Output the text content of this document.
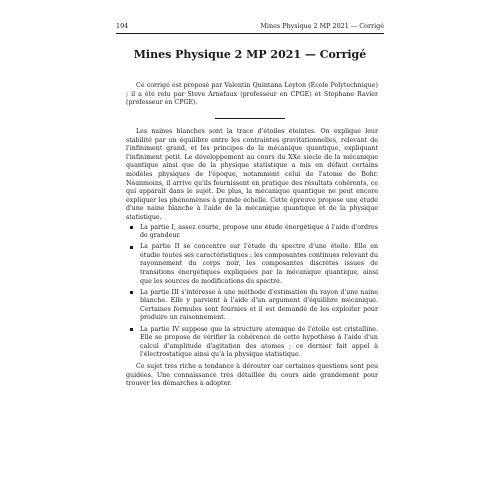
194	Mines Physique 2 MP 2021 — Corrigé
Mines Physique 2 MP 2021 — Corrigé

Ce corrigé est proposé par Valentin Quintana Leyton (École Polytechnique) ; il a été relu par Steve Arnefaux (professeur en CPGE) et Stéphane Ravier (professeur en CPGE).

Les naines blanches sont la trace d'étoiles éteintes. On explique leur stabilité par un équilibre entre les contraintes gravitationnelles, relevant de l'infiniment grand, et les principes de la mécanique quantique, expliquant l'infiniment petit. Le développement au cours du XXe siècle de la mécanique quantique ainsi que de la physique statistique a mis en défaut certains modèles physiques de l'époque, notamment celui de l'atome de Bohr. Néanmoins, il arrive qu'ils fournissent en pratique des résultats cohérents, ce qui apparaît dans le sujet. De plus, la mécanique quantique ne peut encore expliquer les phénomènes à grande échelle. Cette épreuve propose une étude d'une naine blanche à l'aide de la mécanique quantique et de la physique statistique.

La partie I, assez courte, propose une étude énergétique à l'aide d'ordres de grandeur.
La partie II se concentre sur l'étude du spectre d'une étoile. Elle en étudie toutes ses caractéristiques : les composantes continues relevant du rayonnement du corps noir, les composantes discrètes issues de transitions énergétiques expliquées par la mécanique quantique, ainsi que les sources de modifications du spectre.
La partie III s'intéresse à une méthode d'estimation du rayon d'une naine blanche. Elle y parvient à l'aide d'un argument d'équilibre mécanique. Certaines formules sont fournies et il est demandé de les exploiter pour produire un raisonnement.
La partie IV suppose que la structure atomique de l'étoile est cristalline. Elle se propose de vérifier la cohérence de cette hypothèse à l'aide d'un calcul d'amplitude d'agitation des atomes ; ce dernier fait appel à l'électrostatique ainsi qu'à la physique statistique.

Ce sujet très riche a tendance à dérouter car certaines questions sont peu guidées. Une connaissance très détaillée du cours aide grandement pour trouver les démarches à adopter.
